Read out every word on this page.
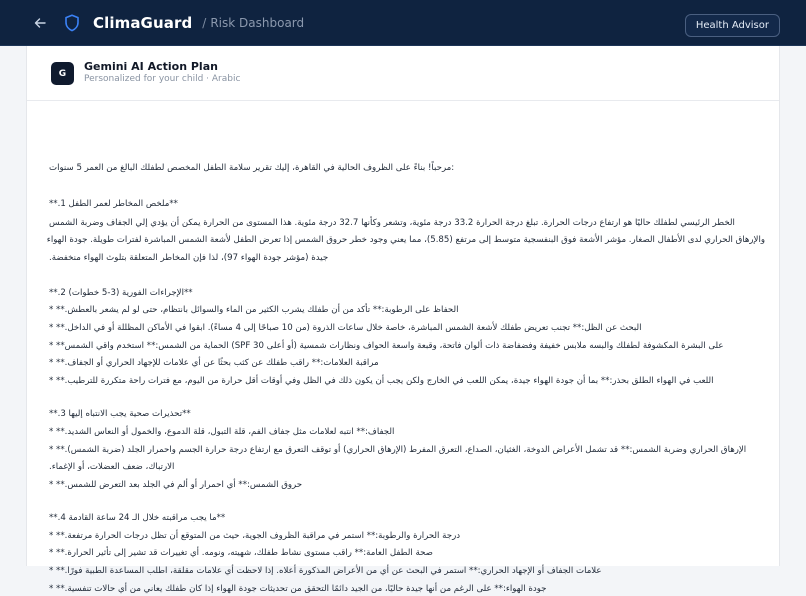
ClimaGuard / Risk Dashboard	Health Advisor
G
Gemini AI Action Plan
Personalized for your child · Arabic
:مرحباً! بناءً على الظروف الحالية في القاهرة، إليك تقرير سلامة الطفل المخصص لطفلك البالغ من العمر 5 سنوات
**ملخص المخاطر لعمر الطفل 1.**
الخطر الرئيسي لطفلك حاليًا هو ارتفاع درجات الحرارة. تبلغ درجة الحرارة 33.2 درجة مئوية، وتشعر وكأنها 32.7 درجة مئوية. هذا المستوى من الحرارة يمكن أن يؤدي إلي الجفاف وضربة الشمس
والإرهاق الحراري لدى الأطفال الصغار. مؤشر الأشعة فوق البنفسجية متوسط إلى مرتفع (5.85)، مما يعني وجود خطر حروق الشمس إذا تعرض الطفل لأشعة الشمس المباشرة لفترات طويلة. جودة الهواء
جيدة (مؤشر جودة الهواء 97)، لذا فإن المخاطر المتعلقة بتلوث الهواء منخفضة.
**الإجراءات الفورية (3-5 خطوات) 2.**
الحفاظ على الرطوبة:** تأكد من أن طفلك يشرب الكثير من الماء والسوائل بانتظام، حتى لو لم يشعر بالعطش.** *
البحث عن الظل:** تجنب تعريض طفلك لأشعة الشمس المباشرة، خاصة خلال ساعات الذروة (من 10 صباحًا إلى 4 مساءً). ابقوا في الأماكن المظللة أو في الداخل.** *
على البشرة المكشوفة لطفلك والبسه ملابس خفيفة وفضفاضة ذات ألوان فاتحة، وقبعة واسعة الحواف ونظارات شمسية (أو أعلى SPF 30) الحماية من الشمس:** استخدم واقي الشمس** *
مراقبة العلامات:** راقب طفلك عن كثب بحثًا عن أي علامات للإجهاد الحراري أو الجفاف.** *
اللعب في الهواء الطلق بحذر:** بما أن جودة الهواء جيدة، يمكن اللعب في الخارج ولكن يجب أن يكون ذلك في الظل وفي أوقات أقل حرارة من اليوم، مع فترات راحة متكررة للترطيب.** *
**تحذيرات صحية يجب الانتباه إليها 3.**
الجفاف:** انتبه لعلامات مثل جفاف الفم، قلة التبول، قلة الدموع، والخمول أو النعاس الشديد.** *
الإرهاق الحراري وضربة الشمس:** قد تشمل الأعراض الدوخة، الغثيان، الصداع، التعرق المفرط (الإرهاق الحراري) أو توقف التعرق مع ارتفاع درجة حرارة الجسم واحمرار الجلد (ضربة الشمس).** *
الارتباك، ضعف العضلات، أو الإغماء.
حروق الشمس:** أي احمرار أو ألم في الجلد بعد التعرض للشمس.** *
**ما يجب مراقبته خلال الـ 24 ساعة القادمة 4.**
درجة الحرارة والرطوبة:** استمر في مراقبة الظروف الجوية، حيث من المتوقع أن تظل درجات الحرارة مرتفعة.** *
صحة الطفل العامة:** راقب مستوى نشاط طفلك، شهيته، ونومه. أي تغييرات قد تشير إلى تأثير الحرارة.** *
علامات الجفاف أو الإجهاد الحراري:** استمر في البحث عن أي من الأعراض المذكورة أعلاه. إذا لاحظت أي علامات مقلقة، اطلب المساعدة الطبية فورًا.** *
جودة الهواء:** على الرغم من أنها جيدة حاليًا، من الجيد دائمًا التحقق من تحديثات جودة الهواء إذا كان طفلك يعاني من أي حالات تنفسية.** *
